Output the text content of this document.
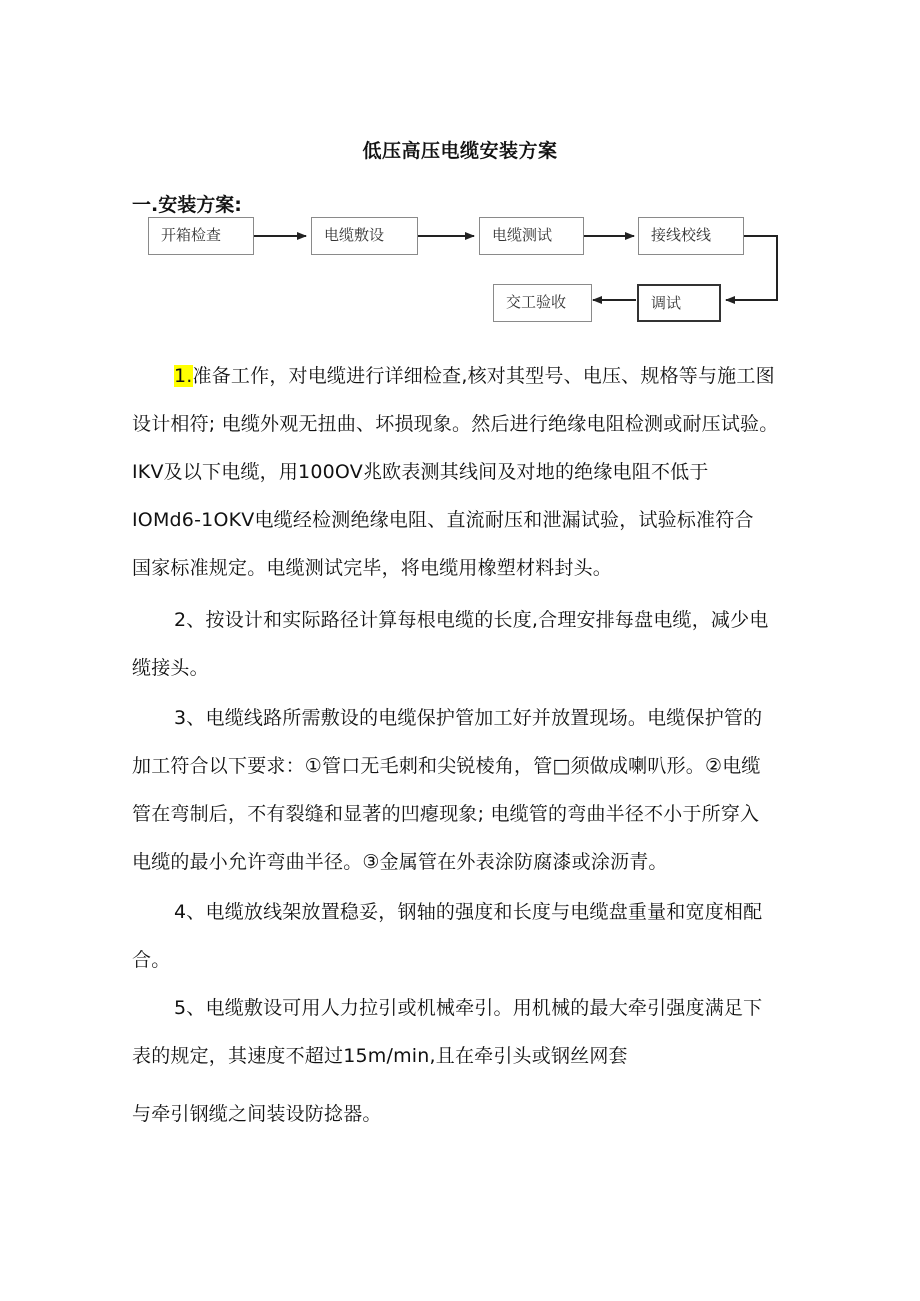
低压高压电缆安装方案
一.安装方案:
开箱检查	电缆敷设	电缆测试	接线校线
调试
交工验收
1.准备工作，对电缆进行详细检查,核对其型号、电压、规格等与施工图
设计相符; 电缆外观无扭曲、坏损现象。然后进行绝缘电阻检测或耐压试验。
IKV及以下电缆，用100OV兆欧表测其线间及对地的绝缘电阻不低于
IOMd6-1OKV电缆经检测绝缘电阻、直流耐压和泄漏试验，试验标准符合
国家标准规定。电缆测试完毕，将电缆用橡塑材料封头。
2、按设计和实际路径计算每根电缆的长度,合理安排每盘电缆，减少电
缆接头。
3、电缆线路所需敷设的电缆保护管加工好并放置现场。电缆保护管的
加工符合以下要求：①管口无毛刺和尖锐棱角，管□须做成喇叭形。②电缆
管在弯制后，不有裂缝和显著的凹瘪现象; 电缆管的弯曲半径不小于所穿入
电缆的最小允许弯曲半径。③金属管在外表涂防腐漆或涂沥青。
4、电缆放线架放置稳妥，钢轴的强度和长度与电缆盘重量和宽度相配
合。
5、电缆敷设可用人力拉引或机械牵引。用机械的最大牵引强度满足下
表的规定，其速度不超过15m∕min,且在牵引头或钢丝网套
与牵引钢缆之间装设防捻器。
